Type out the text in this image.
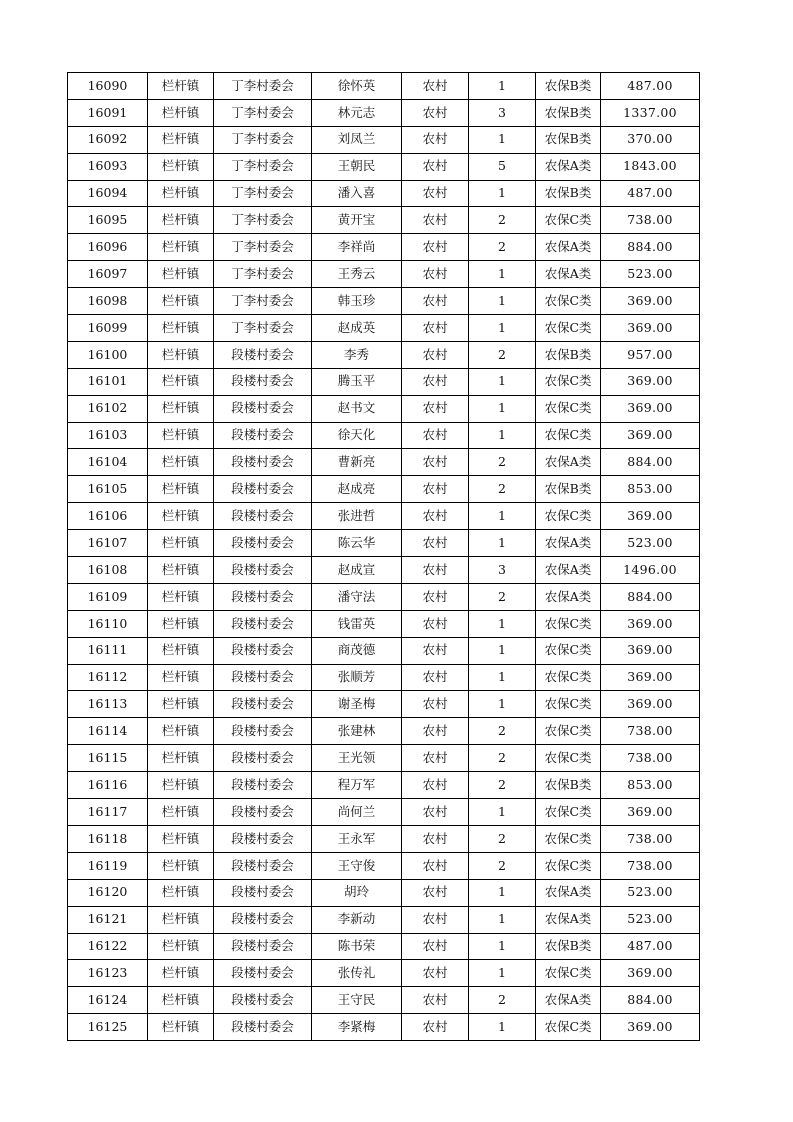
16090	栏杆镇	丁李村委会	徐怀英	农村	1	农保B类	487.00
16091	栏杆镇	丁李村委会	林元志	农村	3	农保B类	1337.00
16092	栏杆镇	丁李村委会	刘凤兰	农村	1	农保B类	370.00
16093	栏杆镇	丁李村委会	王朝民	农村	5	农保A类	1843.00
16094	栏杆镇	丁李村委会	潘入喜	农村	1	农保B类	487.00
16095	栏杆镇	丁李村委会	黄开宝	农村	2	农保C类	738.00
16096	栏杆镇	丁李村委会	李祥尚	农村	2	农保A类	884.00
16097	栏杆镇	丁李村委会	王秀云	农村	1	农保A类	523.00
16098	栏杆镇	丁李村委会	韩玉珍	农村	1	农保C类	369.00
16099	栏杆镇	丁李村委会	赵成英	农村	1	农保C类	369.00
16100	栏杆镇	段楼村委会	李秀	农村	2	农保B类	957.00
16101	栏杆镇	段楼村委会	腾玉平	农村	1	农保C类	369.00
16102	栏杆镇	段楼村委会	赵书文	农村	1	农保C类	369.00
16103	栏杆镇	段楼村委会	徐天化	农村	1	农保C类	369.00
16104	栏杆镇	段楼村委会	曹新亮	农村	2	农保A类	884.00
16105	栏杆镇	段楼村委会	赵成亮	农村	2	农保B类	853.00
16106	栏杆镇	段楼村委会	张进哲	农村	1	农保C类	369.00
16107	栏杆镇	段楼村委会	陈云华	农村	1	农保A类	523.00
16108	栏杆镇	段楼村委会	赵成宣	农村	3	农保A类	1496.00
16109	栏杆镇	段楼村委会	潘守法	农村	2	农保A类	884.00
16110	栏杆镇	段楼村委会	钱雷英	农村	1	农保C类	369.00
16111	栏杆镇	段楼村委会	商茂德	农村	1	农保C类	369.00
16112	栏杆镇	段楼村委会	张顺芳	农村	1	农保C类	369.00
16113	栏杆镇	段楼村委会	谢圣梅	农村	1	农保C类	369.00
16114	栏杆镇	段楼村委会	张建林	农村	2	农保C类	738.00
16115	栏杆镇	段楼村委会	王光领	农村	2	农保C类	738.00
16116	栏杆镇	段楼村委会	程万军	农村	2	农保B类	853.00
16117	栏杆镇	段楼村委会	尚何兰	农村	1	农保C类	369.00
16118	栏杆镇	段楼村委会	王永军	农村	2	农保C类	738.00
16119	栏杆镇	段楼村委会	王守俊	农村	2	农保C类	738.00
16120	栏杆镇	段楼村委会	胡玲	农村	1	农保A类	523.00
16121	栏杆镇	段楼村委会	李新动	农村	1	农保A类	523.00
16122	栏杆镇	段楼村委会	陈书荣	农村	1	农保B类	487.00
16123	栏杆镇	段楼村委会	张传礼	农村	1	农保C类	369.00
16124	栏杆镇	段楼村委会	王守民	农村	2	农保A类	884.00
16125	栏杆镇	段楼村委会	李紧梅	农村	1	农保C类	369.00
